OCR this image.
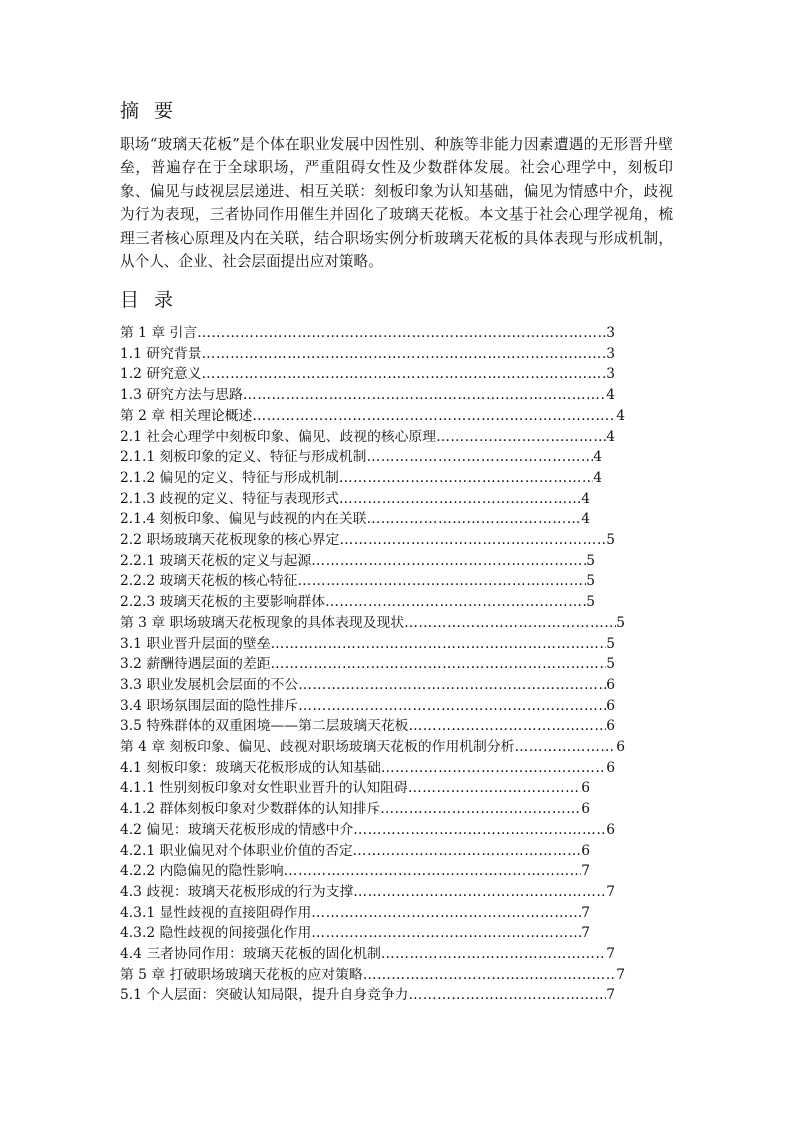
摘要

职场“玻璃天花板”是个体在职业发展中因性别、种族等非能力因素遭遇的无形晋升壁垒，普遍存在于全球职场，严重阻碍女性及少数群体发展。社会心理学中，刻板印象、偏见与歧视层层递进、相互关联：刻板印象为认知基础，偏见为情感中介，歧视为行为表现，三者协同作用催生并固化了玻璃天花板。本文基于社会心理学视角，梳理三者核心原理及内在关联，结合职场实例分析玻璃天花板的具体表现与形成机制，从个人、企业、社会层面提出应对策略。

目录
第 1 章 引言 ………………………………………………………………………………………………………………………………………………	3
1.1 研究背景 ………………………………………………………………………………………………………………………………………………	3
1.2 研究意义 ………………………………………………………………………………………………………………………………………………	3
1.3 研究方法与思路 ………………………………………………………………………………………………………………………………………………	4
第 2 章 相关理论概述 ………………………………………………………………………………………………………………………………………………	4
2.1 社会心理学中刻板印象、偏见、歧视的核心原理 ………………………………………………………………………………………………………………………………………………	4
2.1.1 刻板印象的定义、特征与形成机制 ………………………………………………………………………………………………………………………………………………	4
2.1.2 偏见的定义、特征与形成机制 ………………………………………………………………………………………………………………………………………………	4
2.1.3 歧视的定义、特征与表现形式 ………………………………………………………………………………………………………………………………………………	4
2.1.4 刻板印象、偏见与歧视的内在关联 ………………………………………………………………………………………………………………………………………………	4
2.2 职场玻璃天花板现象的核心界定 ………………………………………………………………………………………………………………………………………………	5
2.2.1 玻璃天花板的定义与起源 ………………………………………………………………………………………………………………………………………………	5
2.2.2 玻璃天花板的核心特征 ………………………………………………………………………………………………………………………………………………	5
2.2.3 玻璃天花板的主要影响群体 ………………………………………………………………………………………………………………………………………………	5
第 3 章 职场玻璃天花板现象的具体表现及现状 ………………………………………………………………………………………………………………………………………………	5
3.1 职业晋升层面的壁垒 ………………………………………………………………………………………………………………………………………………	5
3.2 薪酬待遇层面的差距 ………………………………………………………………………………………………………………………………………………	5
3.3 职业发展机会层面的不公 ………………………………………………………………………………………………………………………………………………	6
3.4 职场氛围层面的隐性排斥 ………………………………………………………………………………………………………………………………………………	6
3.5 特殊群体的双重困境——第二层玻璃天花板 ………………………………………………………………………………………………………………………………………………	6
第 4 章 刻板印象、偏见、歧视对职场玻璃天花板的作用机制分析 ………………………………………………………………………………………………………………………………………………	6
4.1 刻板印象：玻璃天花板形成的认知基础 ………………………………………………………………………………………………………………………………………………	6
4.1.1 性别刻板印象对女性职业晋升的认知阻碍 ………………………………………………………………………………………………………………………………………………	6
4.1.2 群体刻板印象对少数群体的认知排斥 ………………………………………………………………………………………………………………………………………………	6
4.2 偏见：玻璃天花板形成的情感中介 ………………………………………………………………………………………………………………………………………………	6
4.2.1 职业偏见对个体职业价值的否定 ………………………………………………………………………………………………………………………………………………	6
4.2.2 内隐偏见的隐性影响 ………………………………………………………………………………………………………………………………………………	7
4.3 歧视：玻璃天花板形成的行为支撑 ………………………………………………………………………………………………………………………………………………	7
4.3.1 显性歧视的直接阻碍作用 ………………………………………………………………………………………………………………………………………………	7
4.3.2 隐性歧视的间接强化作用 ………………………………………………………………………………………………………………………………………………	7
4.4 三者协同作用：玻璃天花板的固化机制 ………………………………………………………………………………………………………………………………………………	7
第 5 章 打破职场玻璃天花板的应对策略 ………………………………………………………………………………………………………………………………………………	7
5.1 个人层面：突破认知局限，提升自身竞争力 ………………………………………………………………………………………………………………………………………………	7
